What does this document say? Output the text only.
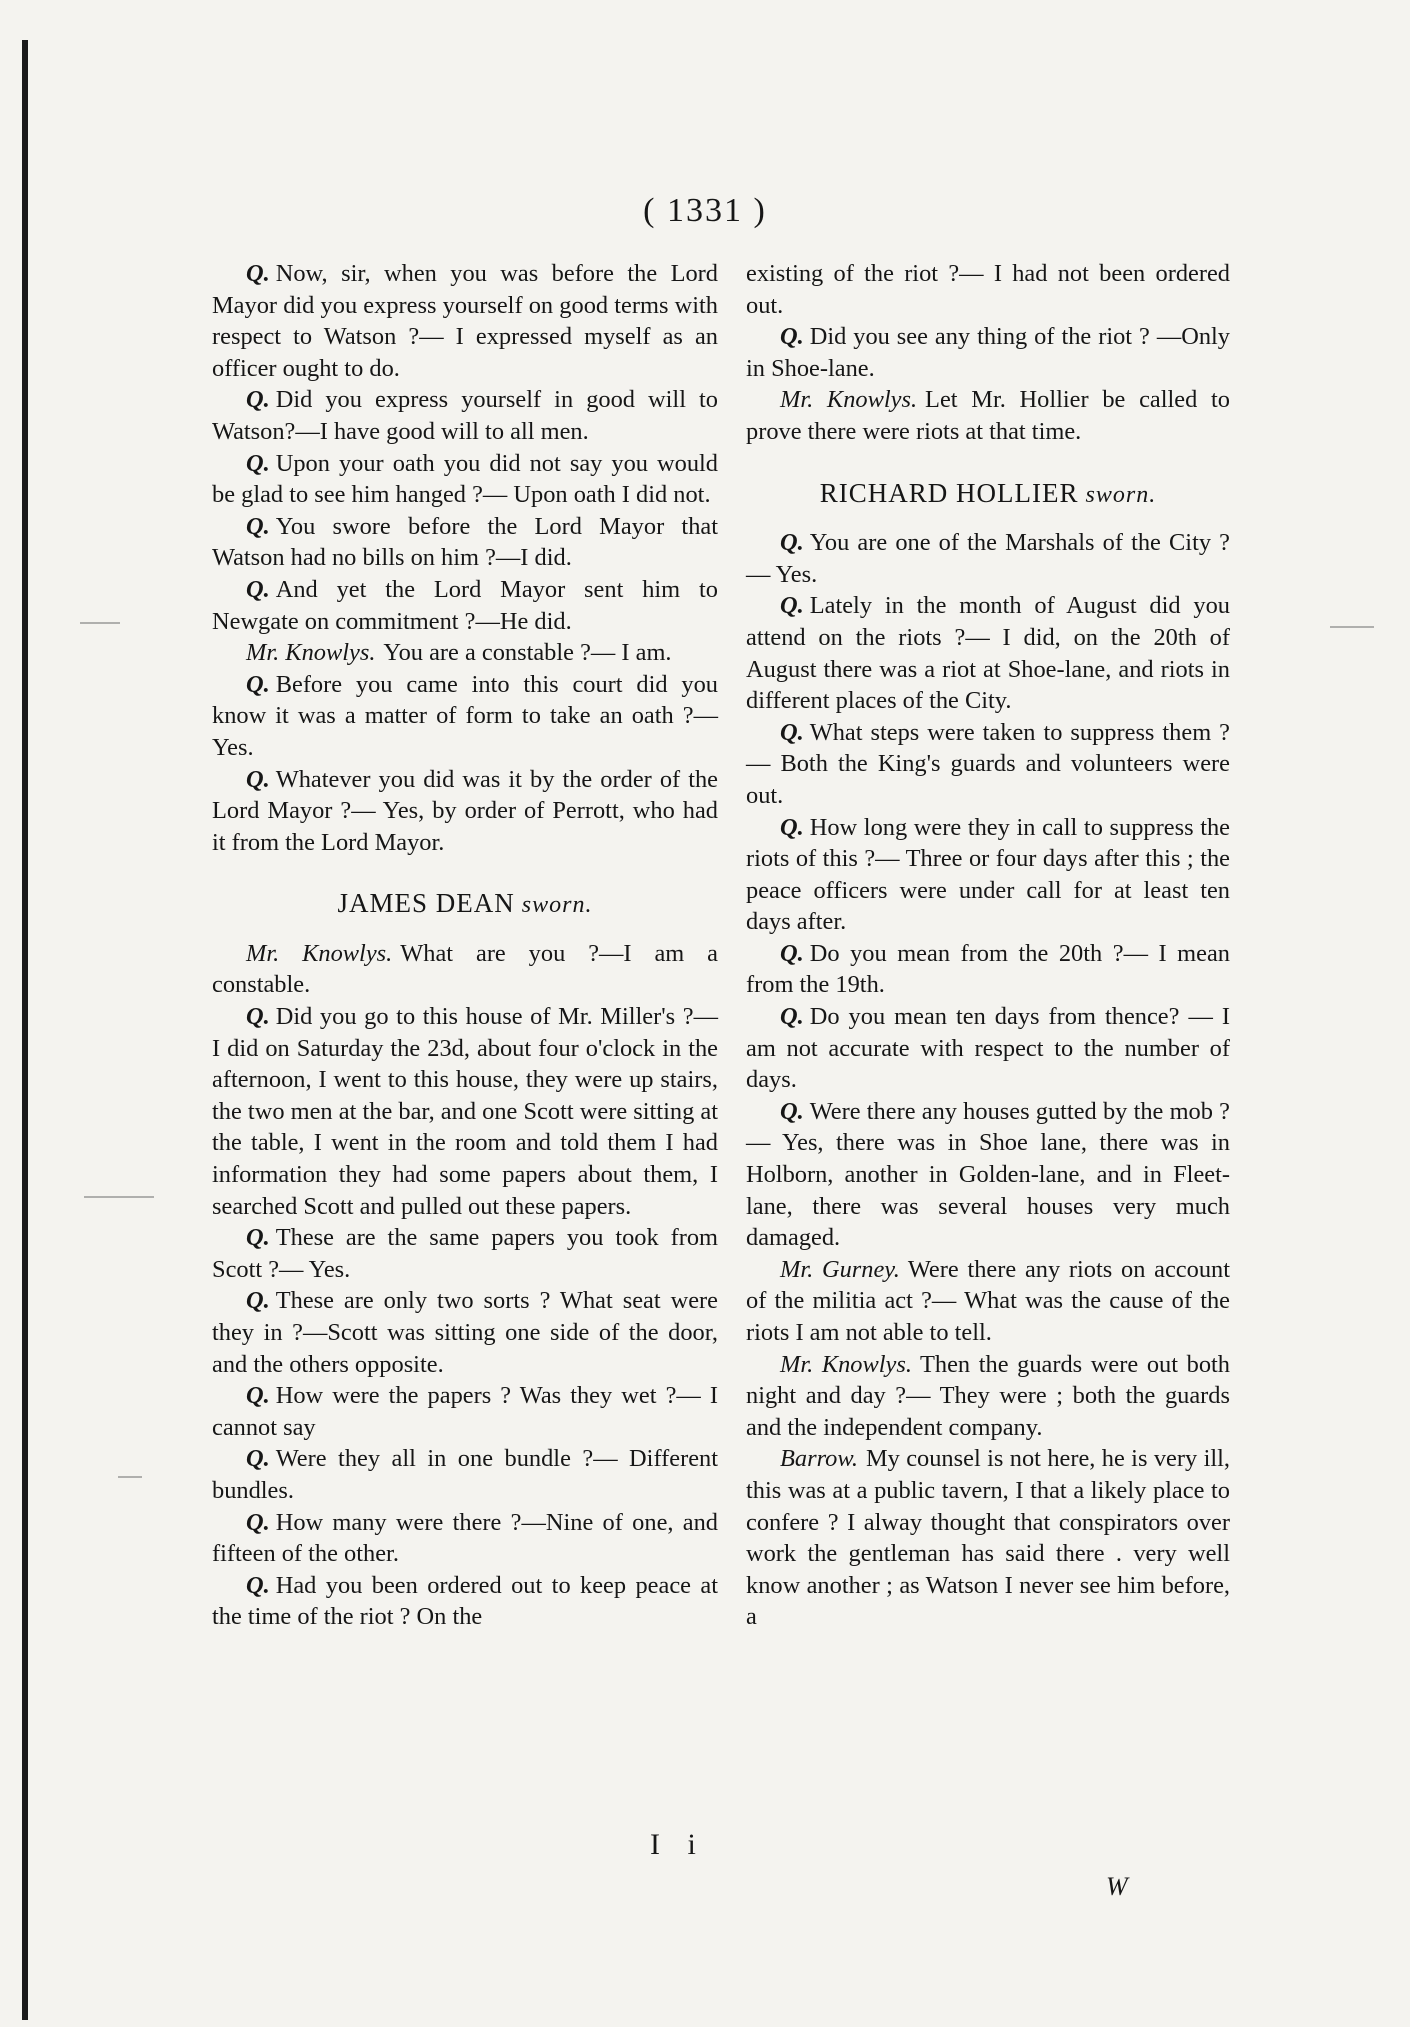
( 1331 )

Q. Now, sir, when you was before the Lord Mayor did you express yourself on good terms with respect to Watson ?— I expressed myself as an officer ought to do.

Q. Did you express yourself in good will to Watson?—I have good will to all men.

Q. Upon your oath you did not say you would be glad to see him hanged ?— Upon oath I did not.

Q. You swore before the Lord Mayor that Watson had no bills on him ?—I did.

Q. And yet the Lord Mayor sent him to Newgate on commitment ?—He did.

Mr. Knowlys. You are a constable ?— I am.

Q. Before you came into this court did you know it was a matter of form to take an oath ?— Yes.

Q. Whatever you did was it by the order of the Lord Mayor ?— Yes, by order of Perrott, who had it from the Lord Mayor.

JAMES DEAN sworn.

Mr. Knowlys. What are you ?—I am a constable.

Q. Did you go to this house of Mr. Miller's ?— I did on Saturday the 23d, about four o'clock in the afternoon, I went to this house, they were up stairs, the two men at the bar, and one Scott were sitting at the table, I went in the room and told them I had information they had some papers about them, I searched Scott and pulled out these papers.

Q. These are the same papers you took from Scott ?— Yes.

Q. These are only two sorts ? What seat were they in ?—Scott was sitting one side of the door, and the others opposite.

Q. How were the papers ? Was they wet ?— I cannot say

Q. Were they all in one bundle ?— Different bundles.

Q. How many were there ?—Nine of one, and fifteen of the other.

Q. Had you been ordered out to keep peace at the time of the riot ? On the

existing of the riot ?— I had not been ordered out.

Q. Did you see any thing of the riot ? —Only in Shoe-lane.

Mr. Knowlys. Let Mr. Hollier be called to prove there were riots at that time.

RICHARD HOLLIER sworn.

Q. You are one of the Marshals of the City ?— Yes.

Q. Lately in the month of August did you attend on the riots ?— I did, on the 20th of August there was a riot at Shoe-lane, and riots in different places of the City.

Q. What steps were taken to suppress them ?— Both the King's guards and volunteers were out.

Q. How long were they in call to suppress the riots of this ?— Three or four days after this ; the peace officers were under call for at least ten days after.

Q. Do you mean from the 20th ?— I mean from the 19th.

Q. Do you mean ten days from thence? — I am not accurate with respect to the number of days.

Q. Were there any houses gutted by the mob ?— Yes, there was in Shoe lane, there was in Holborn, another in Golden-lane, and in Fleet-lane, there was several houses very much damaged.

Mr. Gurney. Were there any riots on account of the militia act ?— What was the cause of the riots I am not able to tell.

Mr. Knowlys. Then the guards were out both night and day ?— They were ; both the guards and the independent company.

Barrow. My counsel is not here, he is very ill, this was at a public tavern, I that a likely place to confere ? I alway thought that conspirators over work the gentleman has said there . very well know another ; as Watson I never see him before, a

I i
W
